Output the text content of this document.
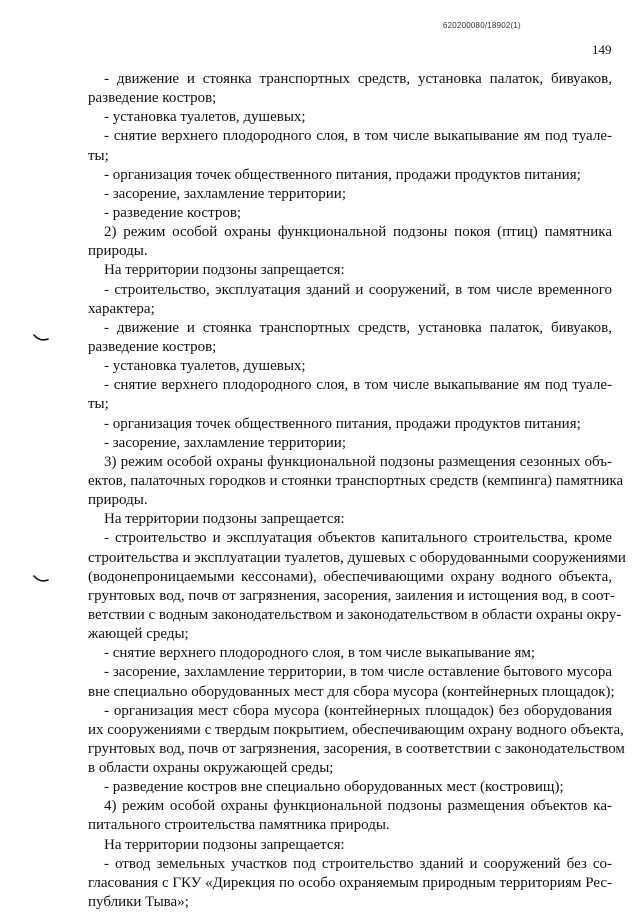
620200080/18902(1)
149
- движение и стоянка транспортных средств, установка палаток, бивуаков,
разведение костров;
- установка туалетов, душевых;
- снятие верхнего плодородного слоя, в том числе выкапывание ям под туале-
ты;
- организация точек общественного питания, продажи продуктов питания;
- засорение, захламление территории;
- разведение костров;
2) режим особой охраны функциональной подзоны покоя (птиц) памятника
природы.
На территории подзоны запрещается:
- строительство, эксплуатация зданий и сооружений, в том числе временного
характера;
- движение и стоянка транспортных средств, установка палаток, бивуаков,
разведение костров;
- установка туалетов, душевых;
- снятие верхнего плодородного слоя, в том числе выкапывание ям под туале-
ты;
- организация точек общественного питания, продажи продуктов питания;
- засорение, захламление территории;
3) режим особой охраны функциональной подзоны размещения сезонных объ-
ектов, палаточных городков и стоянки транспортных средств (кемпинга) памятника
природы.
На территории подзоны запрещается:
- строительство и эксплуатация объектов капитального строительства, кроме
строительства и эксплуатации туалетов, душевых с оборудованными сооружениями
(водонепроницаемыми кессонами), обеспечивающими охрану водного объекта,
грунтовых вод, почв от загрязнения, засорения, заиления и истощения вод, в соот-
ветствии с водным законодательством и законодательством в области охраны окру-
жающей среды;
- снятие верхнего плодородного слоя, в том числе выкапывание ям;
- засорение, захламление территории, в том числе оставление бытового мусора
вне специально оборудованных мест для сбора мусора (контейнерных площадок);
- организация мест сбора мусора (контейнерных площадок) без оборудования
их сооружениями с твердым покрытием, обеспечивающим охрану водного объекта,
грунтовых вод, почв от загрязнения, засорения, в соответствии с законодательством
в области охраны окружающей среды;
- разведение костров вне специально оборудованных мест (костровищ);
4) режим особой охраны функциональной подзоны размещения объектов ка-
питального строительства памятника природы.
На территории подзоны запрещается:
- отвод земельных участков под строительство зданий и сооружений без со-
гласования с ГКУ «Дирекция по особо охраняемым природным территориям Рес-
публики Тыва»;
